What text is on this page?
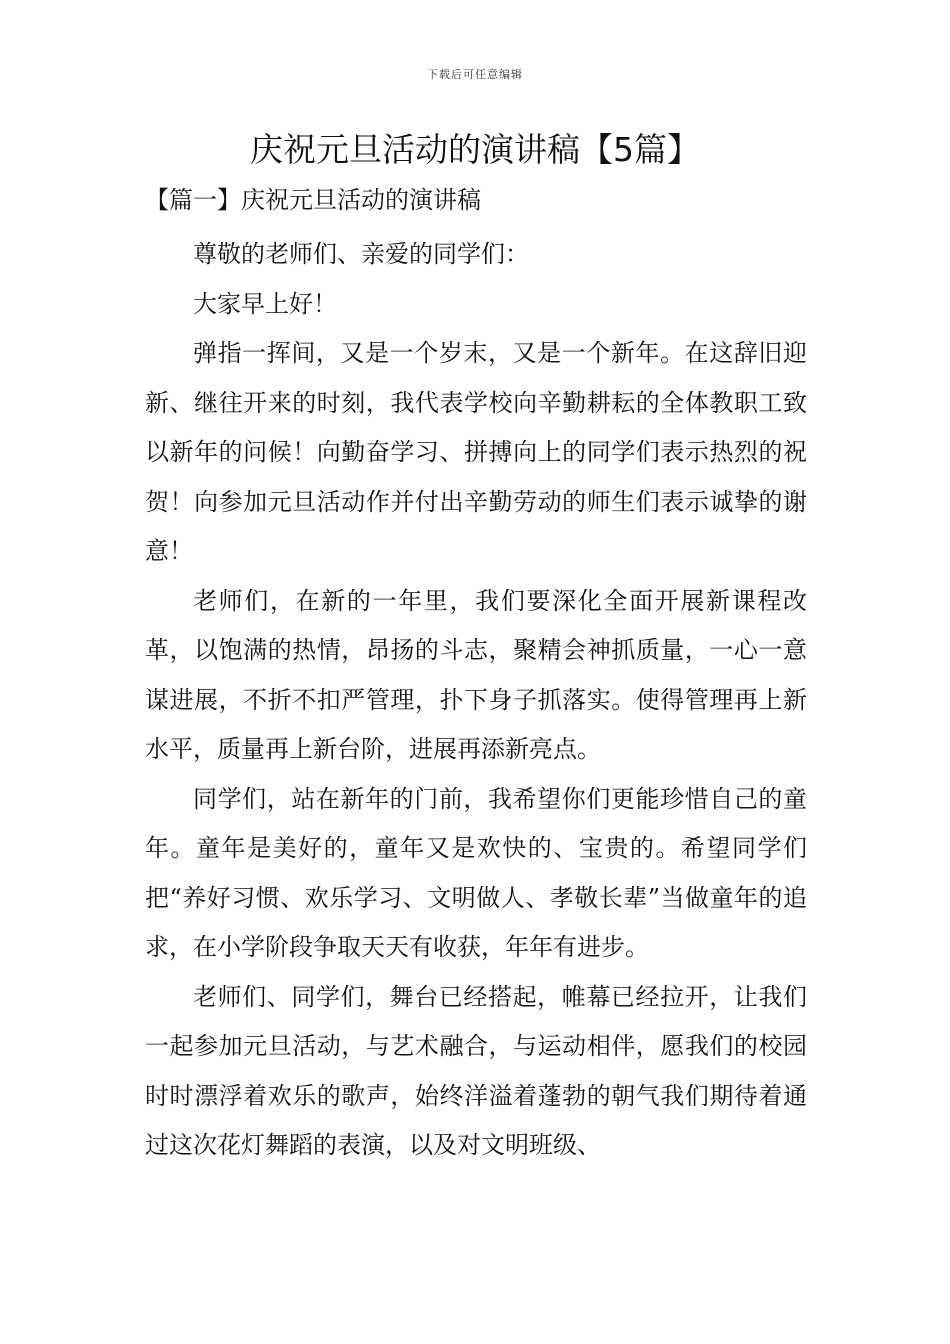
下载后可任意编辑
庆祝元旦活动的演讲稿【5篇】
【篇一】庆祝元旦活动的演讲稿

尊敬的老师们、亲爱的同学们：

大家早上好！

弹指一挥间，又是一个岁末，又是一个新年。在这辞旧迎新、继往开来的时刻，我代表学校向辛勤耕耘的全体教职工致以新年的问候！向勤奋学习、拼搏向上的同学们表示热烈的祝贺！向参加元旦活动作并付出辛勤劳动的师生们表示诚挚的谢意！

老师们，在新的一年里，我们要深化全面开展新课程改革，以饱满的热情，昂扬的斗志，聚精会神抓质量，一心一意谋进展，不折不扣严管理，扑下身子抓落实。使得管理再上新水平，质量再上新台阶，进展再添新亮点。

同学们，站在新年的门前，我希望你们更能珍惜自己的童年。童年是美好的，童年又是欢快的、宝贵的。希望同学们把“养好习惯、欢乐学习、文明做人、孝敬长辈”当做童年的追求，在小学阶段争取天天有收获，年年有进步。

老师们、同学们，舞台已经搭起，帷幕已经拉开，让我们一起参加元旦活动，与艺术融合，与运动相伴，愿我们的校园时时漂浮着欢乐的歌声，始终洋溢着蓬勃的朝气我们期待着通过这次花灯舞蹈的表演，以及对文明班级、
